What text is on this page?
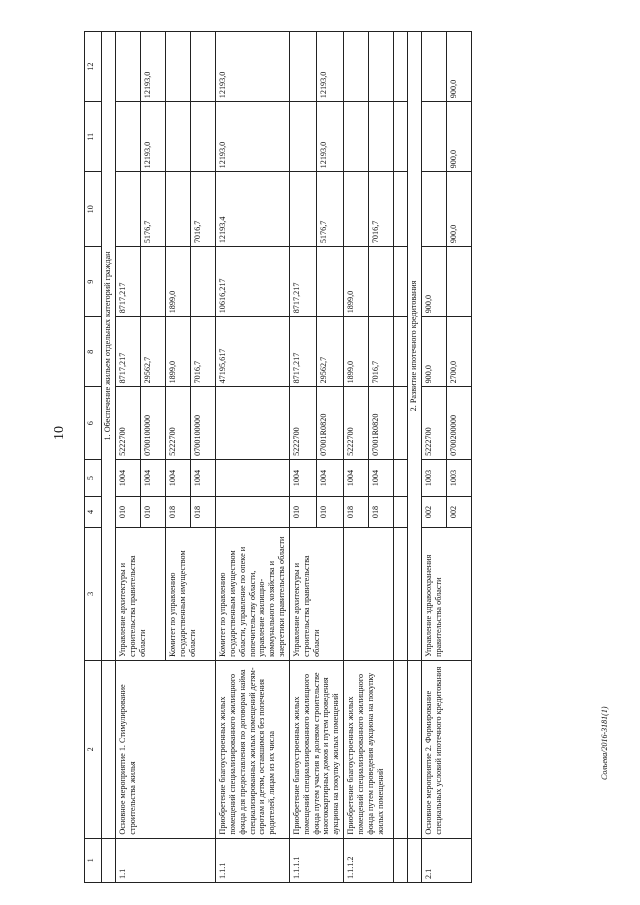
10
Сольева/2016-3181(1)
1	2	3	4	5	6	8	9	10	11	12
		1. Обеспечение жильем отдельных категорий граждан								
1.1	Основное мероприятие 1. Стимулирование строительства жилья	Управление архитектуры и строительства правительства области	010	1004	5222700	8717,217	8717,217			
			010	1004	0700100000	29562,7		5176,7	12193,0	12193,0
		Комитет по управлению государственным имуществом области	018	1004	5222700	1899,0	1899,0			
			018	1004	0700100000	7016,7		7016,7		
1.1.1	Приобретение благоустроенных жилых помещений специализированного жилищного фонда для предоставления по договорам найма специализированных жилых помещений детям-сиротам и детям, оставшимся без попечения родителей, лицам из их числа	Комитет по управлению государственным имуществом области, управление по опеке и попечительству области, управление жилищно-коммунального хозяйства и энергетики правительства области				47195,617	10616,217	12193,4	12193,0	12193,0
1.1.1.1	Приобретение благоустроенных жилых помещений специализированного жилищного фонда путем участия в долевом строительстве многоквартирных домов и путем проведения аукциона на покупку жилых помещений	Управление архитектуры и строительства правительства области	010	1004	5222700	8717,217	8717,217			
			010	1004	07001R0820	29562,7		5176,7	12193,0	12193,0
1.1.1.2	Приобретение благоустроенных жилых помещений специализированного жилищного фонда путем проведения аукциона на покупку жилых помещений		018	1004	5222700	1899,0	1899,0			
			018	1004	07001R0820	7016,7		7016,7		

		2. Развитие ипотечного кредитования								
2.1	Основное мероприятие 2. Формирование специальных условий ипотечного кредитования	Управление здравоохранения правительства области	002	1003	5222700	900,0	900,0			
			002	1003	0700200000	2700,0		900,0	900,0	900,0
